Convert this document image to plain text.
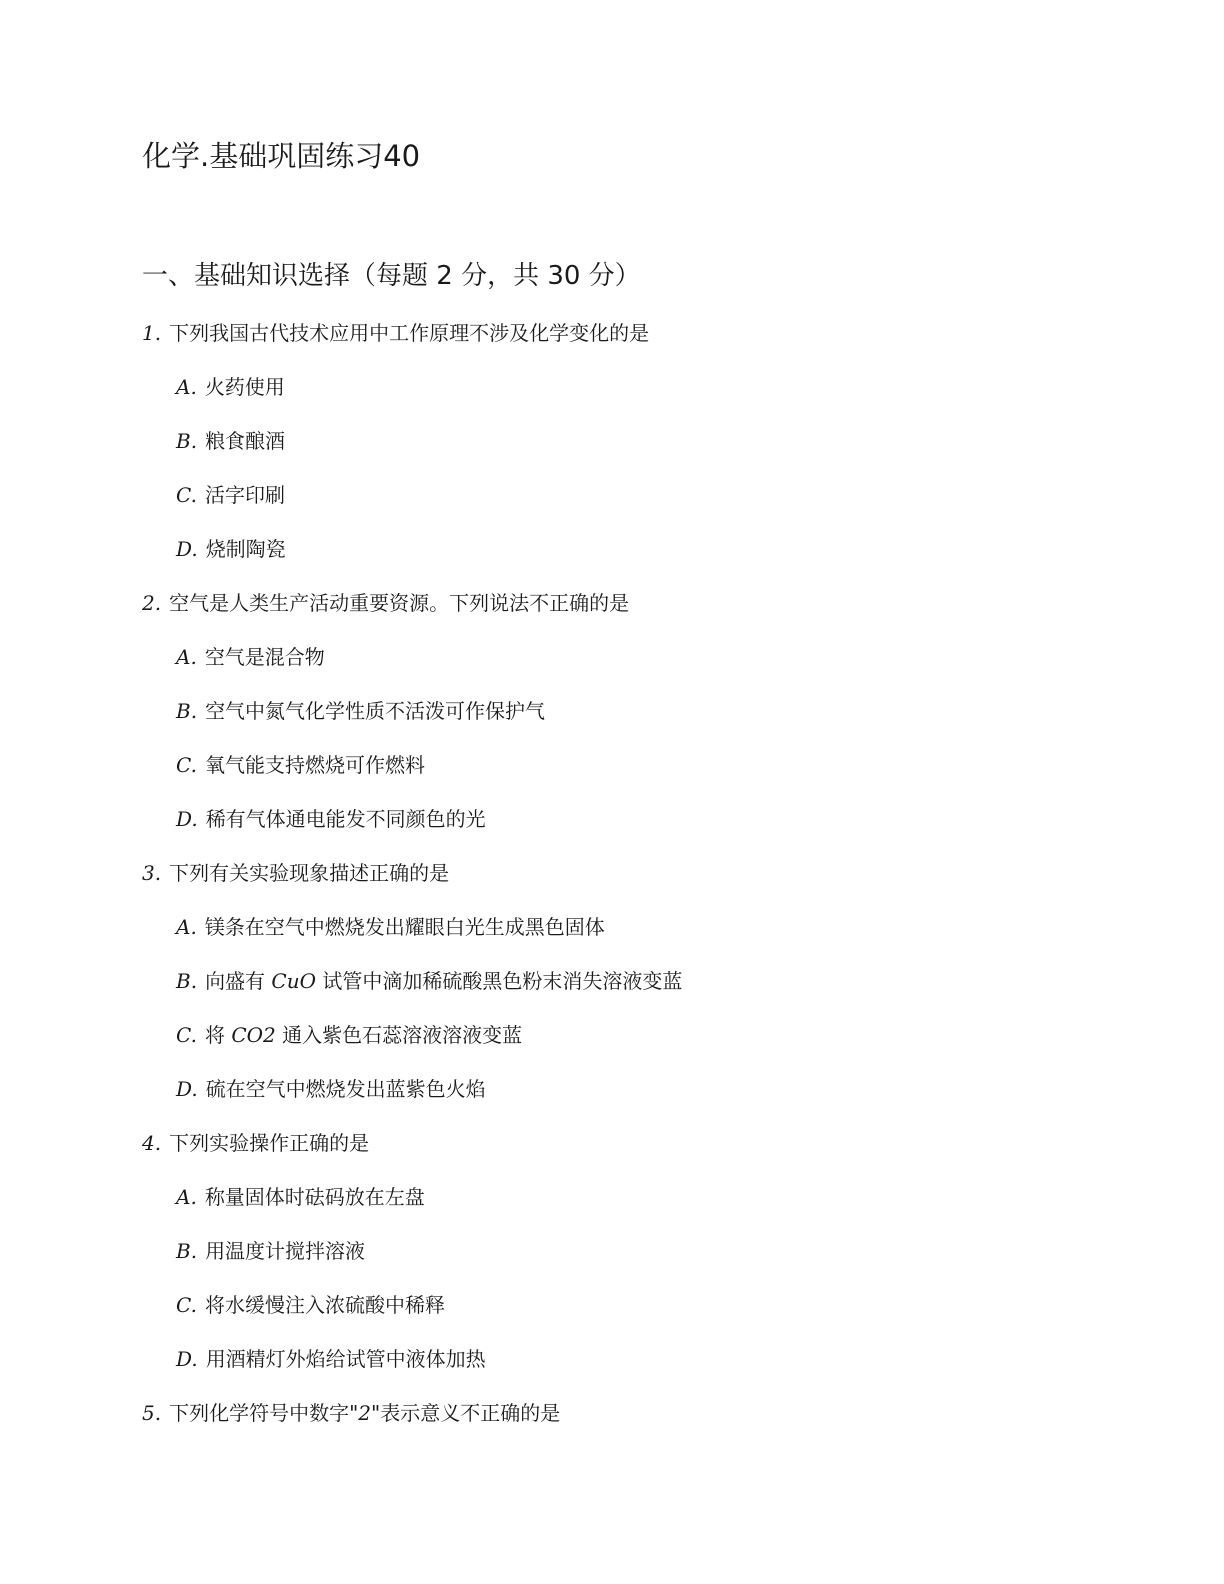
化学.基础巩固练习40
一、基础知识选择（每题 2 分，共 30 分）
1. 下列我国古代技术应用中工作原理不涉及化学变化的是
A. 火药使用
B. 粮食酿酒
C. 活字印刷
D. 烧制陶瓷
2. 空气是人类生产活动重要资源。下列说法不正确的是
A. 空气是混合物
B. 空气中氮气化学性质不活泼可作保护气
C. 氧气能支持燃烧可作燃料
D. 稀有气体通电能发不同颜色的光
3. 下列有关实验现象描述正确的是
A. 镁条在空气中燃烧发出耀眼白光生成黑色固体
B. 向盛有 CuO 试管中滴加稀硫酸黑色粉末消失溶液变蓝
C. 将 CO2 通入紫色石蕊溶液溶液变蓝
D. 硫在空气中燃烧发出蓝紫色火焰
4. 下列实验操作正确的是
A. 称量固体时砝码放在左盘
B. 用温度计搅拌溶液
C. 将水缓慢注入浓硫酸中稀释
D. 用酒精灯外焰给试管中液体加热
5. 下列化学符号中数字"2"表示意义不正确的是
